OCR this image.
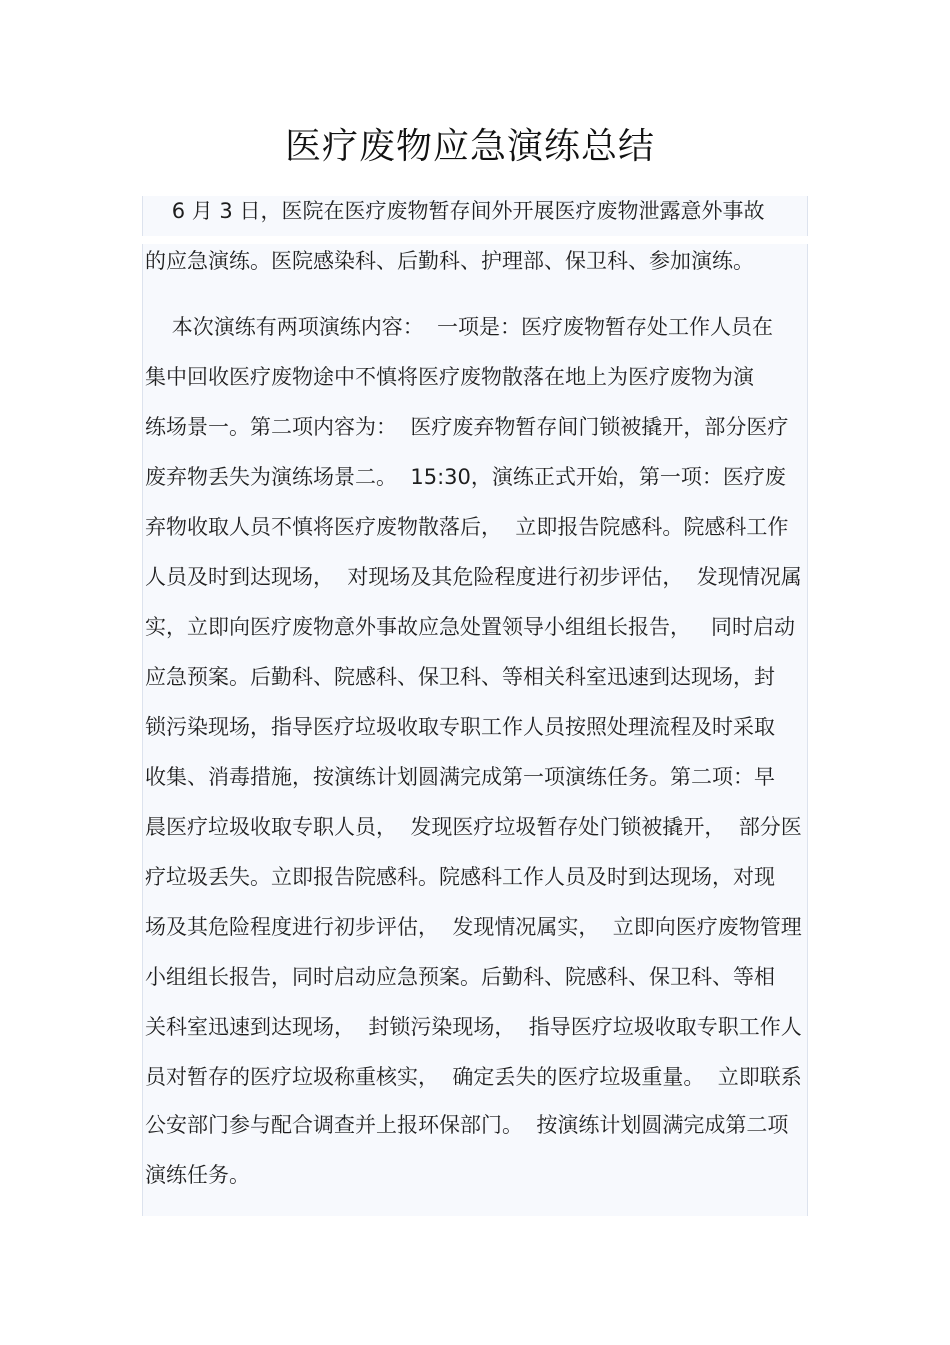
医疗废物应急演练总结

6 月 3 日，医院在医疗废物暂存间外开展医疗废物泄露意外事故

的应急演练。医院感染科、后勤科、护理部、保卫科、参加演练。

本次演练有两项演练内容：  一项是：医疗废物暂存处工作人员在

集中回收医疗废物途中不慎将医疗废物散落在地上为医疗废物为演

练场景一。第二项内容为：  医疗废弃物暂存间门锁被撬开，部分医疗

废弃物丢失为演练场景二。  15:30，演练正式开始，第一项：医疗废

弃物收取人员不慎将医疗废物散落后，  立即报告院感科。院感科工作

人员及时到达现场，  对现场及其危险程度进行初步评估，  发现情况属

实，立即向医疗废物意外事故应急处置领导小组组长报告，   同时启动

应急预案。后勤科、院感科、保卫科、等相关科室迅速到达现场，封

锁污染现场，指导医疗垃圾收取专职工作人员按照处理流程及时采取

收集、消毒措施，按演练计划圆满完成第一项演练任务。第二项：早

晨医疗垃圾收取专职人员，  发现医疗垃圾暂存处门锁被撬开，  部分医

疗垃圾丢失。立即报告院感科。院感科工作人员及时到达现场，对现

场及其危险程度进行初步评估，  发现情况属实，  立即向医疗废物管理

小组组长报告，同时启动应急预案。后勤科、院感科、保卫科、等相

关科室迅速到达现场，  封锁污染现场，  指导医疗垃圾收取专职工作人

员对暂存的医疗垃圾称重核实，  确定丢失的医疗垃圾重量。  立即联系

公安部门参与配合调查并上报环保部门。  按演练计划圆满完成第二项

演练任务。
